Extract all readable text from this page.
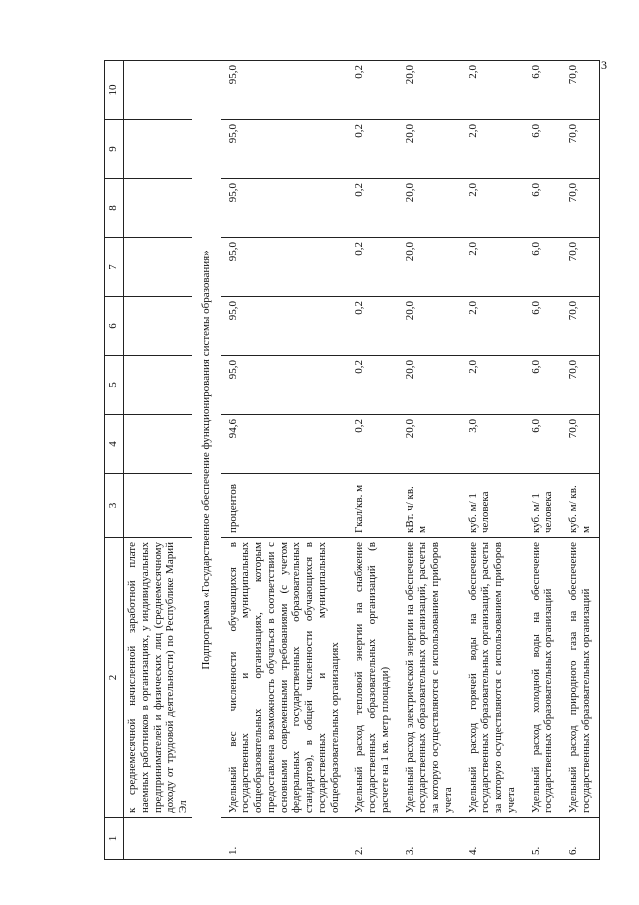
3
1	2	3	4	5	6	7	8	9	10
	к среднемесячной начисленной заработной плате наемных работников в организациях, у индивидуальных предпринимателей и физических лиц (среднемесячному доходу от трудовой деятельности) по Республике Марий Эл								
Подпрограмма «Государственное обеспечение функционирования системы образования»									
1.	Удельный вес численности обучающихся в государственных и муниципальных общеобразовательных организациях, которым предоставлена возможность обучаться в соответствии с основными современными требованиями (с учетом федеральных государственных образовательных стандартов), в общей численности обучающихся в государственных и муниципальных общеобразовательных организациях	процентов	94,6	95,0	95,0	95,0	95,0	95,0	95,0
2.	Удельный расход тепловой энергии на снабжение государственных образовательных организаций (в расчете на 1 кв. метр площади)	Гкал/кв. м	0,2	0,2	0,2	0,2	0,2	0,2	0,2
3.	Удельный расход электрической энергии на обеспечение государственных образовательных организаций, расчеты за которую осуществляются с использованием приборов учета	кВт. ч/ кв. м	20,0	20,0	20,0	20,0	20,0	20,0	20,0
4.	Удельный расход горячей воды на обеспечение государственных образовательных организаций, расчеты за которую осуществляются с использованием приборов учета	куб. м/ 1 человека	3,0	2,0	2,0	2,0	2,0	2,0	2,0
5.	Удельный расход холодной воды на обеспечение государственных образовательных организаций	куб. м/ 1 человека	6,0	6,0	6,0	6,0	6,0	6,0	6,0
6.	Удельный расход природного газа на обеспечение государственных образовательных организаций	куб. м/ кв. м	70,0	70,0	70,0	70,0	70,0	70,0	70,0
